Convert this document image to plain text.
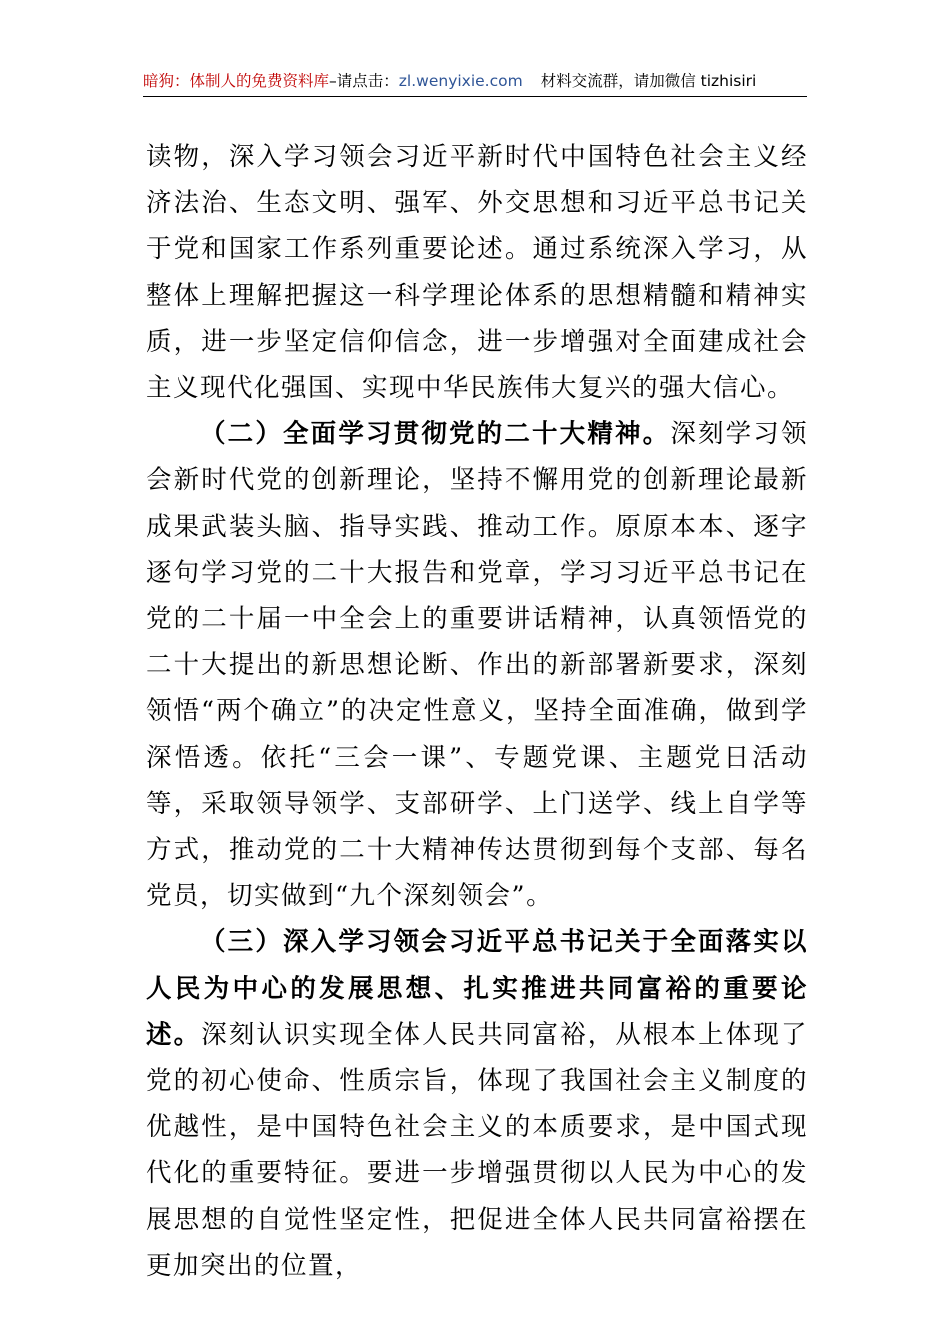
暗狗：体制人的免费资料库–请点击：zl.wenyixie.com 材料交流群，请加微信 tizhisiri

读物，深入学习领会习近平新时代中国特色社会主义经济法治、生态文明、强军、外交思想和习近平总书记关于党和国家工作系列重要论述。通过系统深入学习，从整体上理解把握这一科学理论体系的思想精髓和精神实质，进一步坚定信仰信念，进一步增强对全面建成社会主义现代化强国、实现中华民族伟大复兴的强大信心。

（二）全面学习贯彻党的二十大精神。深刻学习领会新时代党的创新理论，坚持不懈用党的创新理论最新成果武装头脑、指导实践、推动工作。原原本本、逐字逐句学习党的二十大报告和党章，学习习近平总书记在党的二十届一中全会上的重要讲话精神，认真领悟党的二十大提出的新思想论断、作出的新部署新要求，深刻领悟“两个确立”的决定性意义，坚持全面准确，做到学深悟透。依托“三会一课”、专题党课、主题党日活动等，采取领导领学、支部研学、上门送学、线上自学等方式，推动党的二十大精神传达贯彻到每个支部、每名党员，切实做到“九个深刻领会”。

（三）深入学习领会习近平总书记关于全面落实以人民为中心的发展思想、扎实推进共同富裕的重要论述。深刻认识实现全体人民共同富裕，从根本上体现了党的初心使命、性质宗旨，体现了我国社会主义制度的优越性，是中国特色社会主义的本质要求，是中国式现代化的重要特征。要进一步增强贯彻以人民为中心的发展思想的自觉性坚定性，把促进全体人民共同富裕摆在更加突出的位置，
